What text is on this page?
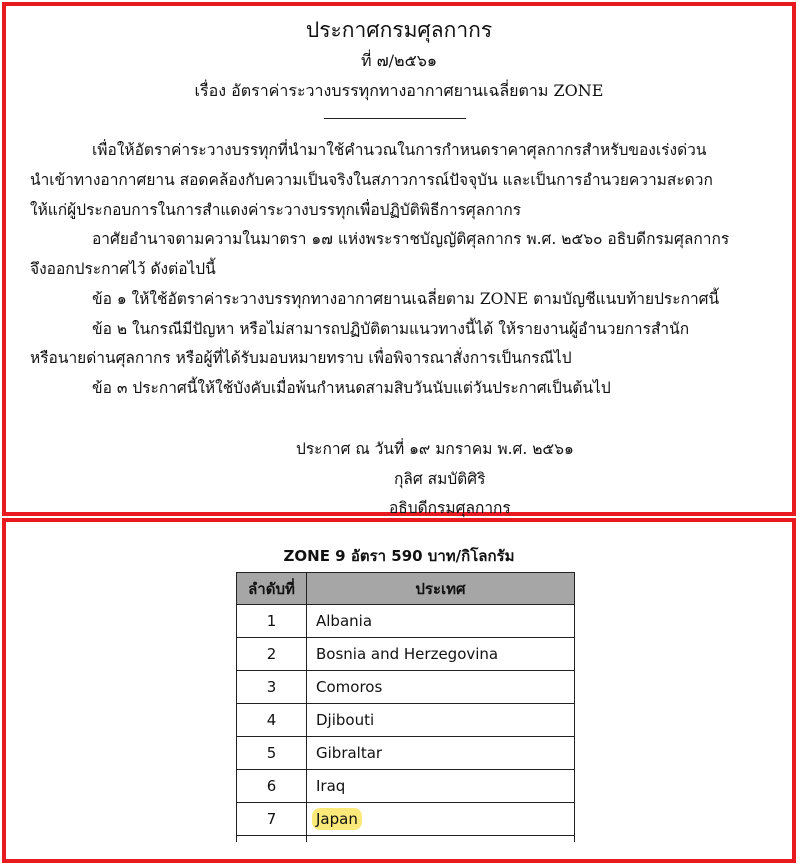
ประกาศกรมศุลกากร
ที่ ๗/๒๕๖๑
เรื่อง อัตราค่าระวางบรรทุกทางอากาศยานเฉลี่ยตาม ZONE
เพื่อให้อัตราค่าระวางบรรทุกที่นำมาใช้คำนวณในการกำหนดราคาศุลกากรสำหรับของเร่งด่วน
นำเข้าทางอากาศยาน สอดคล้องกับความเป็นจริงในสภาวการณ์ปัจจุบัน และเป็นการอำนวยความสะดวก
ให้แก่ผู้ประกอบการในการสำแดงค่าระวางบรรทุกเพื่อปฏิบัติพิธีการศุลกากร
อาศัยอำนาจตามความในมาตรา ๑๗ แห่งพระราชบัญญัติศุลกากร พ.ศ. ๒๕๖๐ อธิบดีกรมศุลกากร
จึงออกประกาศไว้ ดังต่อไปนี้
ข้อ ๑ ให้ใช้อัตราค่าระวางบรรทุกทางอากาศยานเฉลี่ยตาม ZONE ตามบัญชีแนบท้ายประกาศนี้
ข้อ ๒ ในกรณีมีปัญหา หรือไม่สามารถปฏิบัติตามแนวทางนี้ได้ ให้รายงานผู้อำนวยการสำนัก
หรือนายด่านศุลกากร หรือผู้ที่ได้รับมอบหมายทราบ เพื่อพิจารณาสั่งการเป็นกรณีไป
ข้อ ๓ ประกาศนี้ให้ใช้บังคับเมื่อพ้นกำหนดสามสิบวันนับแต่วันประกาศเป็นต้นไป
ประกาศ ณ วันที่ ๑๙ มกราคม พ.ศ. ๒๕๖๑
กุลิศ สมบัติศิริ
อธิบดีกรมศุลกากร
ZONE 9 อัตรา 590 บาท/กิโลกรัม
ลำดับที่	ประเทศ
1	Albania
2	Bosnia and Herzegovina
3	Comoros
4	Djibouti
5	Gibraltar
6	Iraq
7	Japan
